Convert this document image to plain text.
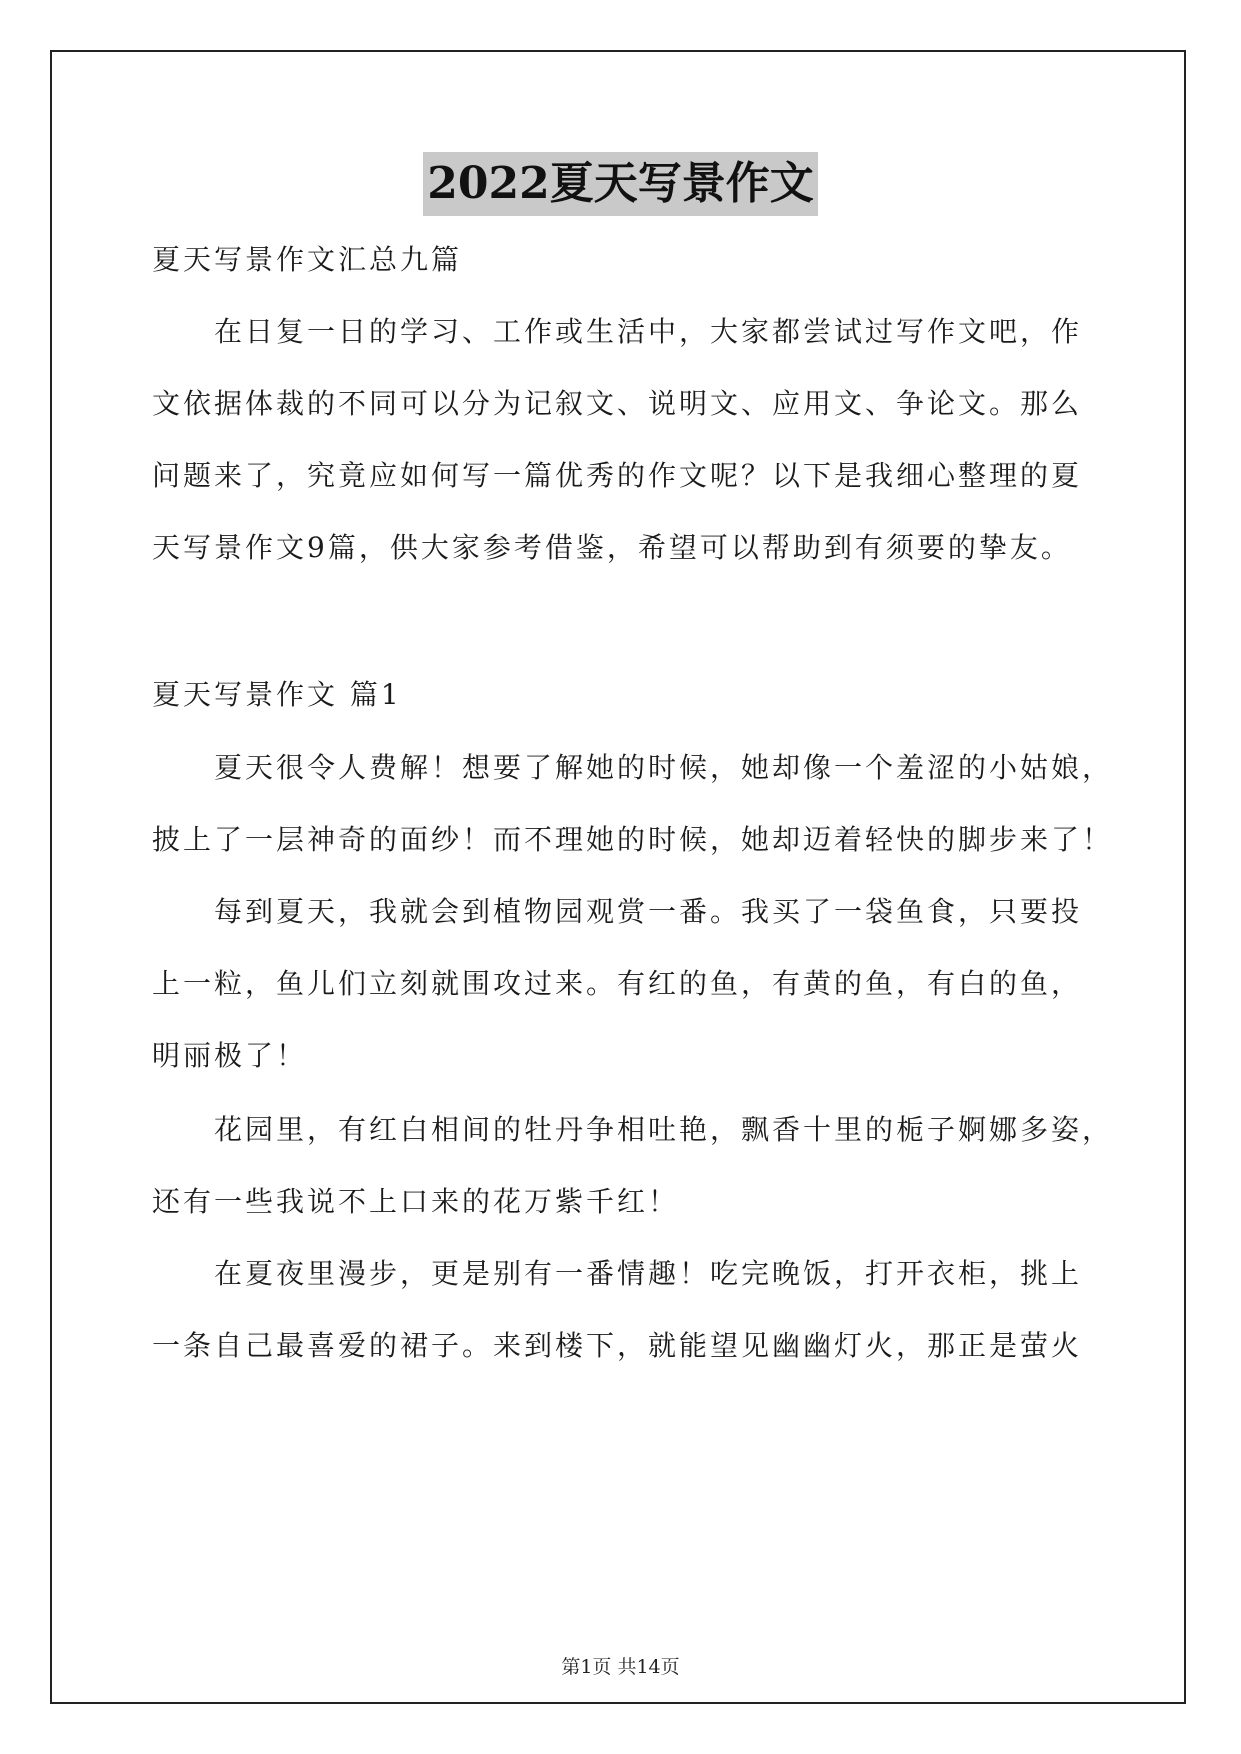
2022夏天写景作文
夏天写景作文汇总九篇
在日复一日的学习、工作或生活中，大家都尝试过写作文吧，作
文依据体裁的不同可以分为记叙文、说明文、应用文、争论文。那么
问题来了，究竟应如何写一篇优秀的作文呢？以下是我细心整理的夏
天写景作文9篇，供大家参考借鉴，希望可以帮助到有须要的挚友。
夏天写景作文 篇1
夏天很令人费解！想要了解她的时候，她却像一个羞涩的小姑娘，
披上了一层神奇的面纱！而不理她的时候，她却迈着轻快的脚步来了！
每到夏天，我就会到植物园观赏一番。我买了一袋鱼食，只要投
上一粒，鱼儿们立刻就围攻过来。有红的鱼，有黄的鱼，有白的鱼，
明丽极了！
花园里，有红白相间的牡丹争相吐艳，飘香十里的栀子婀娜多姿，
还有一些我说不上口来的花万紫千红！
在夏夜里漫步，更是别有一番情趣！吃完晚饭，打开衣柜，挑上
一条自己最喜爱的裙子。来到楼下，就能望见幽幽灯火，那正是萤火
第1页 共14页
